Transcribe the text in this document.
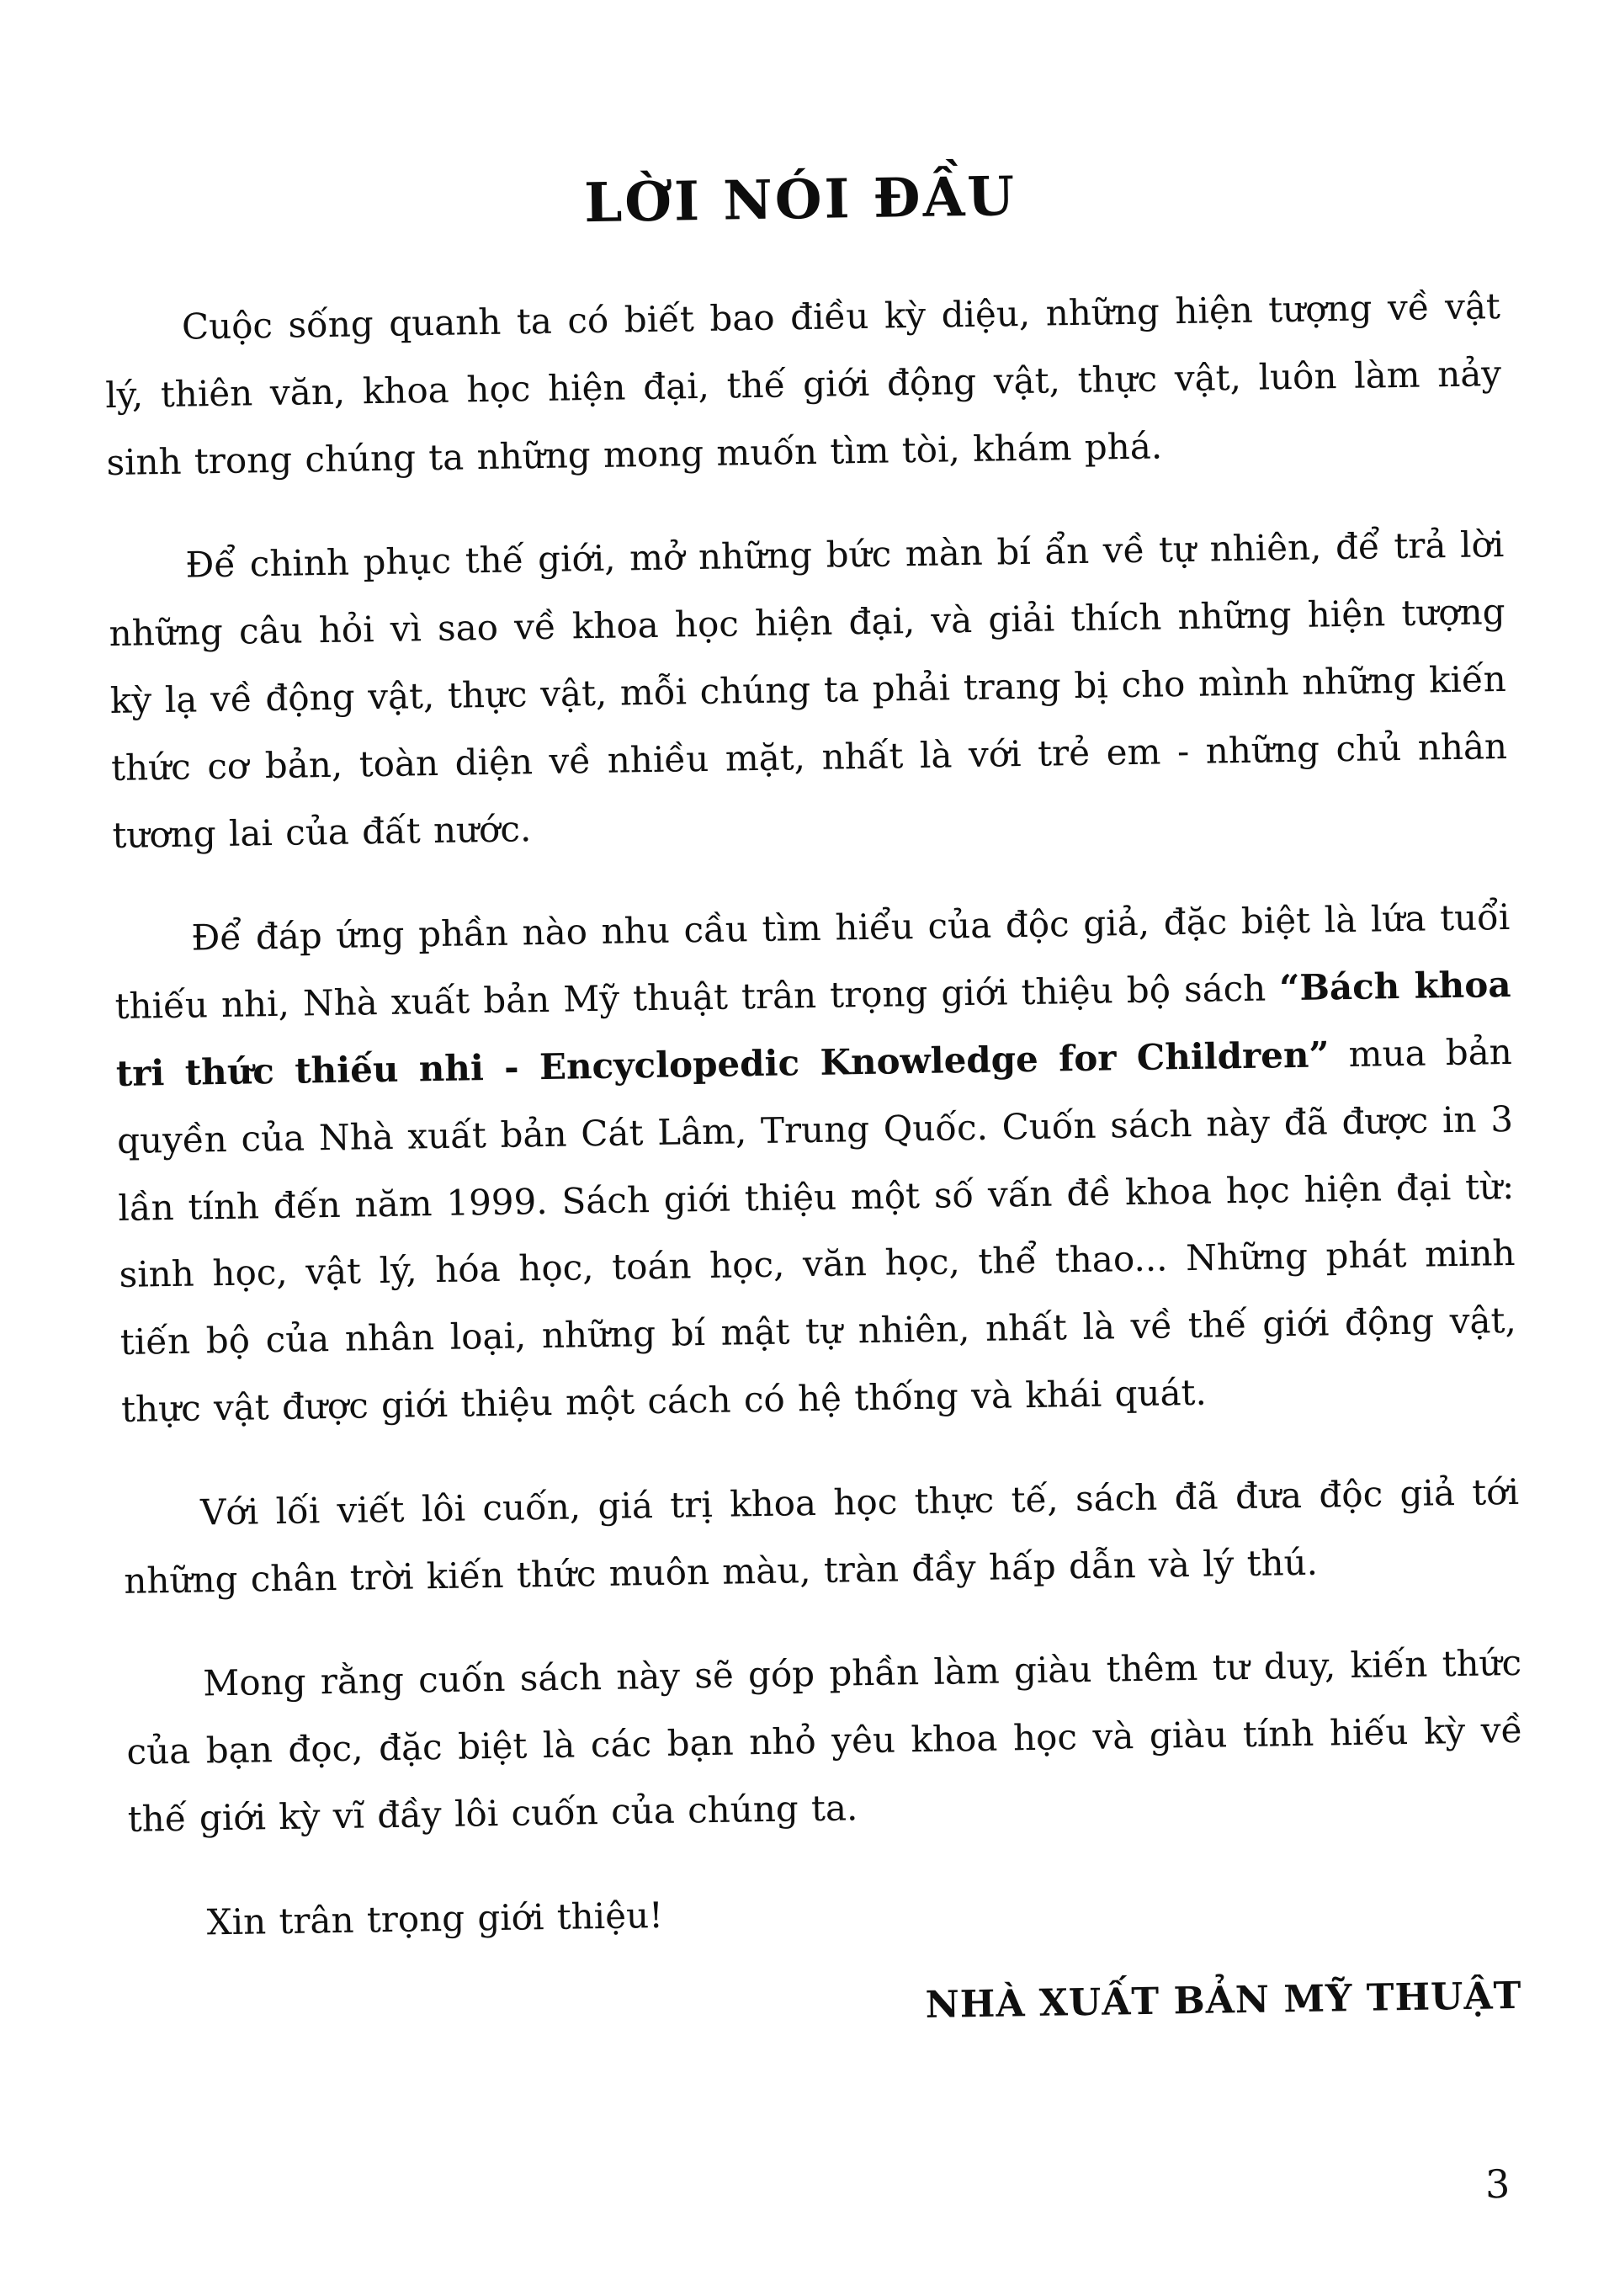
LỜI NÓI ĐẦU

Cuộc sống quanh ta có biết bao điều kỳ diệu, những hiện tượng về vật lý, thiên văn, khoa học hiện đại, thế giới động vật, thực vật, luôn làm nảy sinh trong chúng ta những mong muốn tìm tòi, khám phá.

Để chinh phục thế giới, mở những bức màn bí ẩn về tự nhiên, để trả lời những câu hỏi vì sao về khoa học hiện đại, và giải thích những hiện tượng kỳ lạ về động vật, thực vật, mỗi chúng ta phải trang bị cho mình những kiến thức cơ bản, toàn diện về nhiều mặt, nhất là với trẻ em - những chủ nhân tương lai của đất nước.

Để đáp ứng phần nào nhu cầu tìm hiểu của độc giả, đặc biệt là lứa tuổi thiếu nhi, Nhà xuất bản Mỹ thuật trân trọng giới thiệu bộ sách “Bách khoa tri thức thiếu nhi - Encyclopedic Knowledge for Children” mua bản quyền của Nhà xuất bản Cát Lâm, Trung Quốc. Cuốn sách này đã được in 3 lần tính đến năm 1999. Sách giới thiệu một số vấn đề khoa học hiện đại từ: sinh học, vật lý, hóa học, toán học, văn học, thể thao... Những phát minh tiến bộ của nhân loại, những bí mật tự nhiên, nhất là về thế giới động vật, thực vật được giới thiệu một cách có hệ thống và khái quát.

Với lối viết lôi cuốn, giá trị khoa học thực tế, sách đã đưa độc giả tới những chân trời kiến thức muôn màu, tràn đầy hấp dẫn và lý thú.

Mong rằng cuốn sách này sẽ góp phần làm giàu thêm tư duy, kiến thức của bạn đọc, đặc biệt là các bạn nhỏ yêu khoa học và giàu tính hiếu kỳ về thế giới kỳ vĩ đầy lôi cuốn của chúng ta.

Xin trân trọng giới thiệu!

NHÀ XUẤT BẢN MỸ THUẬT
3
